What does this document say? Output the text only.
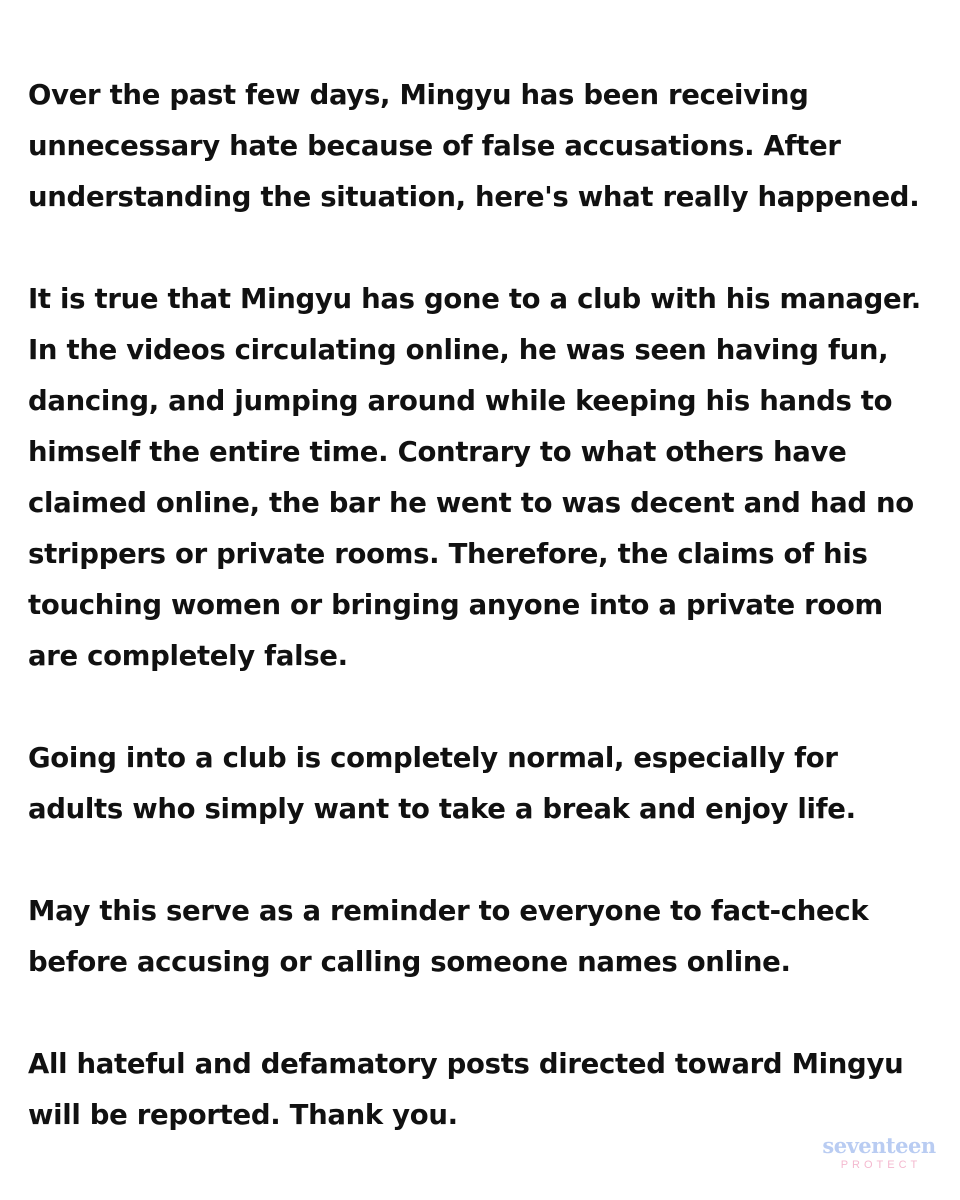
Over the past few days, Mingyu has been receiving unnecessary hate because of false accusations. After understanding the situation, here's what really happened.

It is true that Mingyu has gone to a club with his manager. In the videos circulating online, he was seen having fun, dancing, and jumping around while keeping his hands to himself the entire time. Contrary to what others have claimed online, the bar he went to was decent and had no strippers or private rooms. Therefore, the claims of his touching women or bringing anyone into a private room are completely false.

Going into a club is completely normal, especially for adults who simply want to take a break and enjoy life.

May this serve as a reminder to everyone to fact-check before accusing or calling someone names online.

All hateful and defamatory posts directed toward Mingyu will be reported. Thank you.

seventeen
PROTECT
